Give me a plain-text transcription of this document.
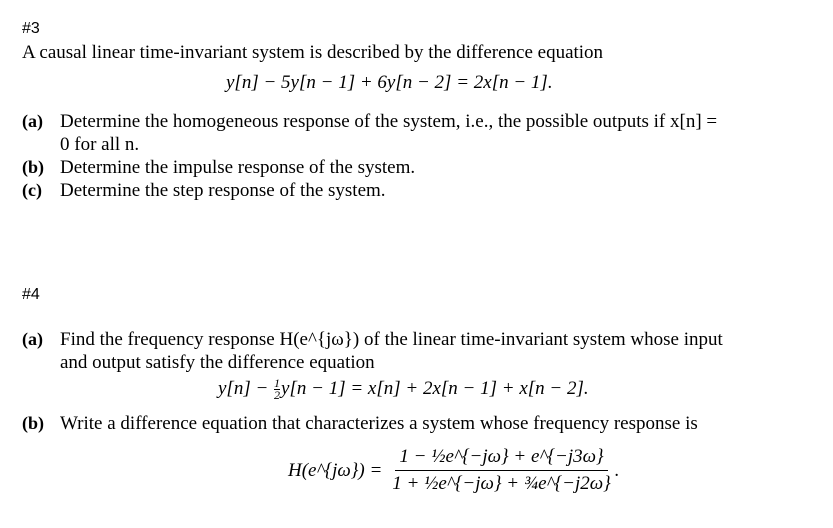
#3
A causal linear time-invariant system is described by the difference equation
y[n] − 5y[n − 1] + 6y[n − 2] = 2x[n − 1].
(a) Determine the homogeneous response of the system, i.e., the possible outputs if x[n] =
0 for all n.
(b) Determine the impulse response of the system.
(c) Determine the step response of the system.
#4
(a) Find the frequency response H(e^{jω}) of the linear time-invariant system whose input
and output satisfy the difference equation
$y[n] - \frac{1}{2} y[n - 1] = x[n] + 2x[n - 1] + x[n - 2]$.
(b) Write a difference equation that characterizes a system whose frequency response is
H(e^{jω}) = $\frac{\text{1 − ½e\textasciicircum{}\{−jω\} + e\textasciicircum{}\{−j3ω\}}}{\text{1 + ½e\textasciicircum{}\{−jω\} + ¾e\textasciicircum{}\{−j2ω\}}}$ .
